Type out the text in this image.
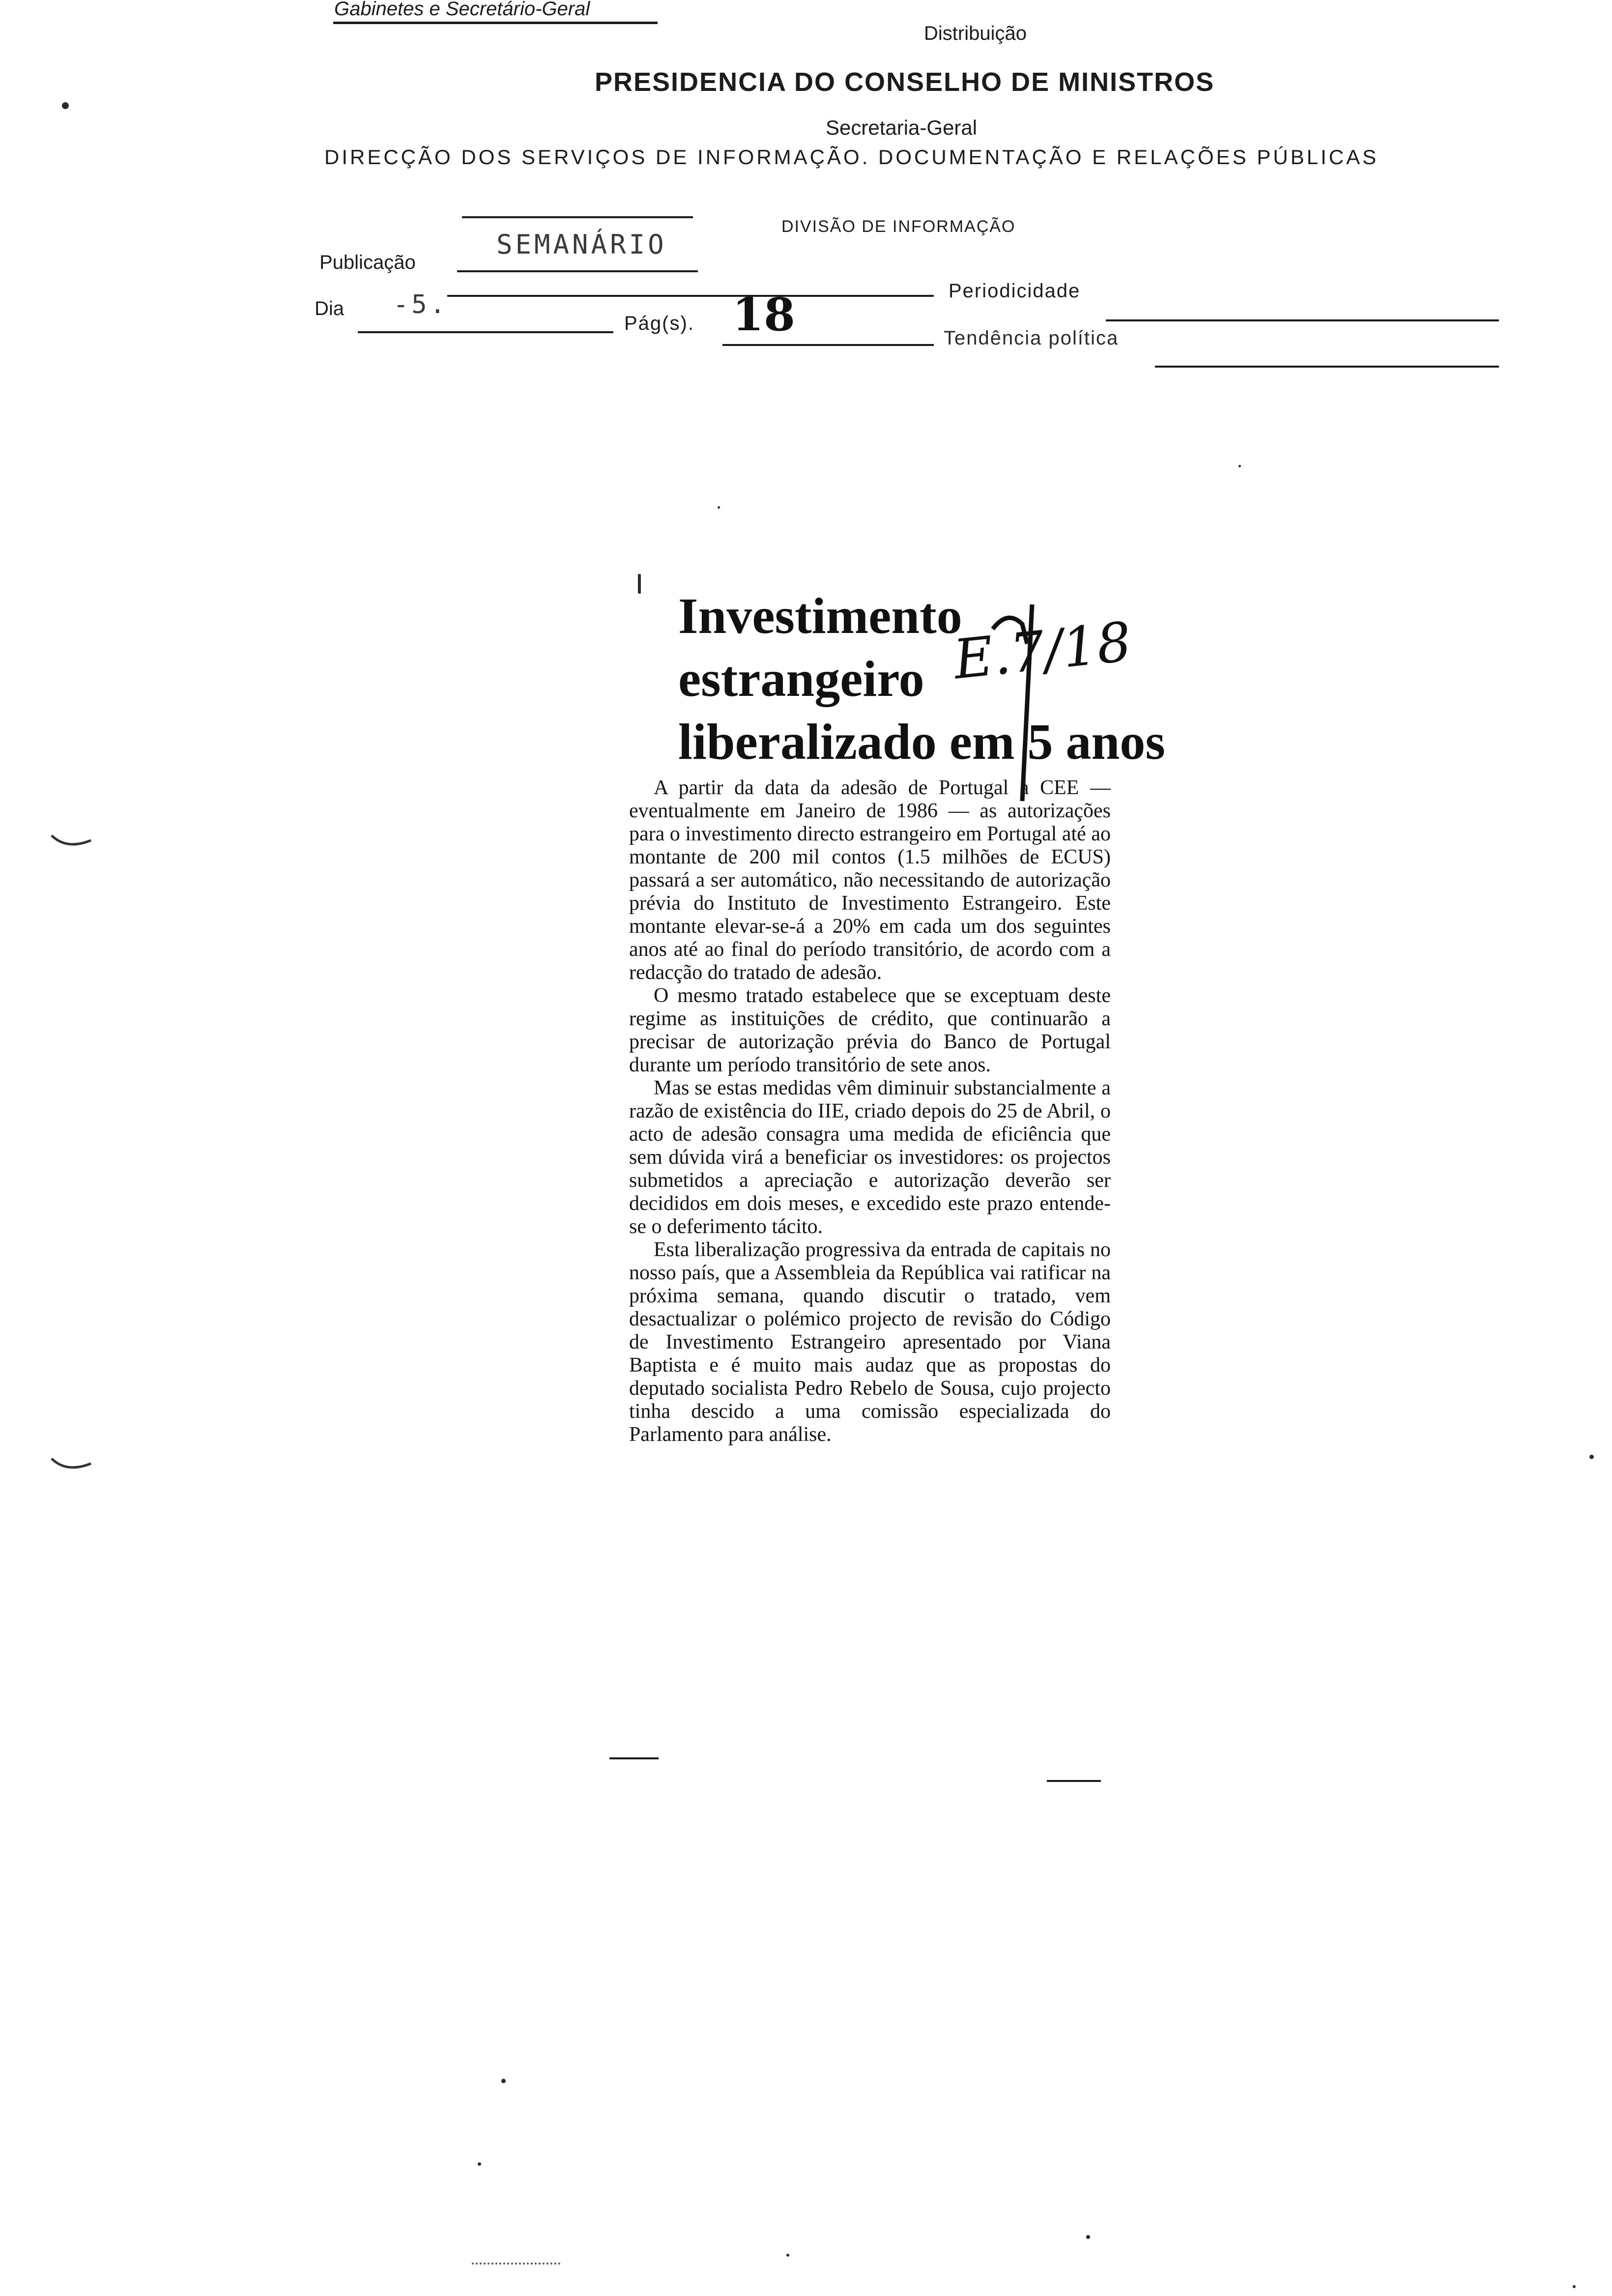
Gabinetes e Secretário-Geral
Distribuição
PRESIDENCIA DO CONSELHO DE MINISTROS
Secretaria-Geral
DIRECÇÃO DOS SERVIÇOS DE INFORMAÇÃO. DOCUMENTAÇÃO E RELAÇÕES PÚBLICAS
DIVISÃO DE INFORMAÇÃO
Publicação
SEMANÁRIO
Periodicidade
Dia -5.
Pág(s). 18	Tendência política
Investimento
estrangeiro
liberalizado em 5 anos
E.7/18

A partir da data da adesão de Portugal à CEE — eventualmente em Janeiro de 1986 — as autorizações para o investimento directo estrangeiro em Portugal até ao montante de 200 mil contos (1.5 milhões de ECUS) passará a ser automático, não necessitando de autorização prévia do Instituto de Investimento Estrangeiro. Este montante elevar-se-á a 20% em cada um dos seguintes anos até ao final do período transitório, de acordo com a redacção do tratado de adesão.

O mesmo tratado estabelece que se exceptuam deste regime as instituições de crédito, que continuarão a precisar de autorização prévia do Banco de Portugal durante um período transitório de sete anos.

Mas se estas medidas vêm diminuir substancialmente a razão de existência do IIE, criado depois do 25 de Abril, o acto de adesão consagra uma medida de eficiência que sem dúvida virá a beneficiar os investidores: os projectos submetidos a apreciação e autorização deverão ser decididos em dois meses, e excedido este prazo entende-se o deferimento tácito.

Esta liberalização progressiva da entrada de capitais no nosso país, que a Assembleia da República vai ratificar na próxima semana, quando discutir o tratado, vem desactualizar o polémico projecto de revisão do Código de Investimento Estrangeiro apresentado por Viana Baptista e é muito mais audaz que as propostas do deputado socialista Pedro Rebelo de Sousa, cujo projecto tinha descido a uma comissão especializada do Parlamento para análise.
